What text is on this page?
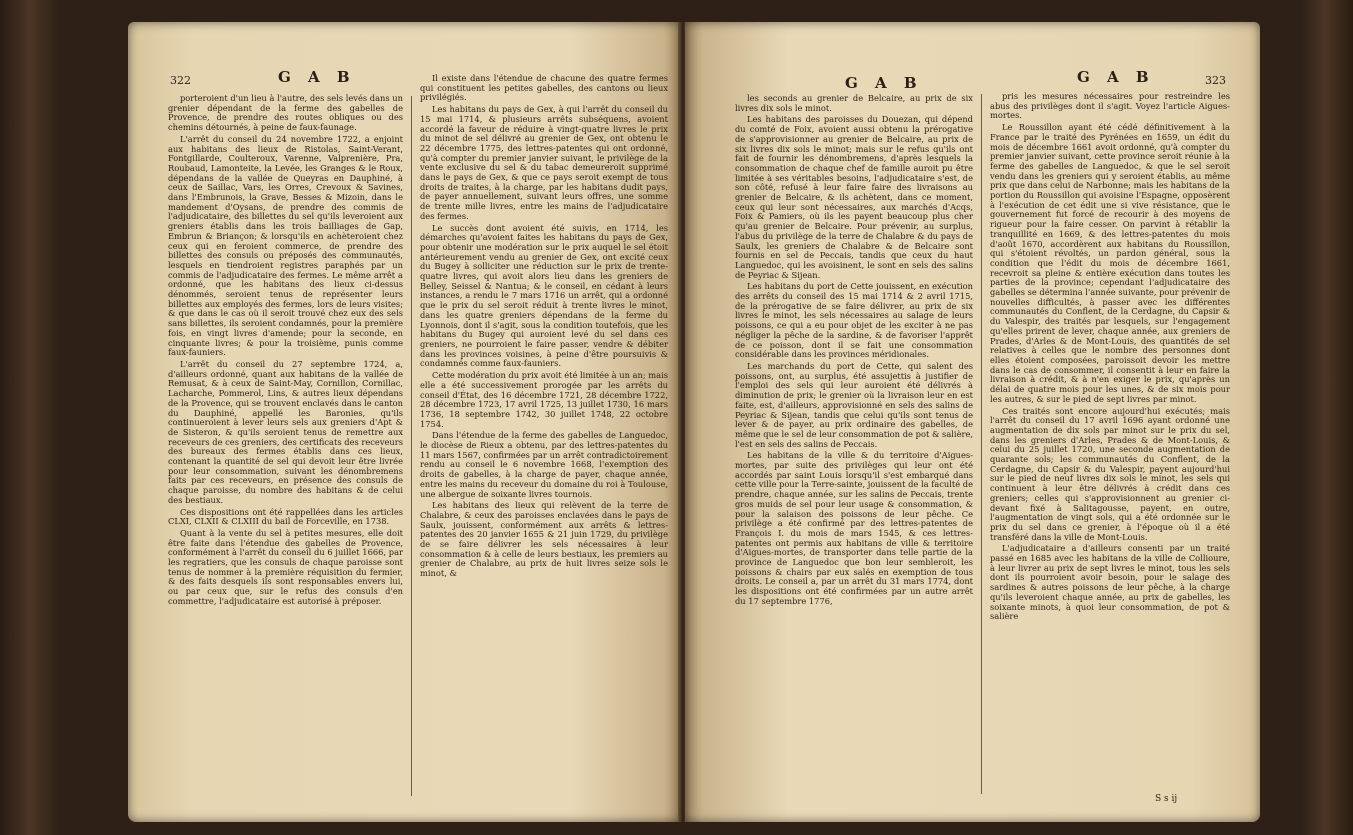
322	G A B

porteroient d'un lieu à l'autre, des sels levés dans un grenier dépendant de la ferme des gabelles de Provence, de prendre des routes obliques ou des chemins détournés, à peine de faux-faunage.

L'arrêt du conseil du 24 novembre 1722, a enjoint aux habitans des lieux de Ristolas, Saint-Verant, Fontgillarde, Coulteroux, Varenne, Valprenière, Pra, Roubaud, Lamonteite, la Levée, les Granges & le Roux, dépendans de la vallée de Queyras en Dauphiné, à ceux de Saillac, Vars, les Orres, Crevoux & Savines, dans l'Embrunois, la Grave, Besses & Mizoin, dans le mandement d'Oysans, de prendre des commis de l'adjudicataire, des billettes du sel qu'ils leveroient aux greniers établis dans les trois bailliages de Gap, Embrun & Briançon; & lorsqu'ils en achèteroient chez ceux qui en feroient commerce, de prendre des billettes des consuls ou préposés des communautés, lesquels en tiendroient registres paraphés par un commis de l'adjudicataire des fermes. Le même arrêt a ordonné, que les habitans des lieux ci-dessus dénommés, seroient tenus de représenter leurs billettes aux employés des fermes, lors de leurs visites; & que dans le cas où il seroit trouvé chez eux des sels sans billettes, ils seroient condamnés, pour la première fois, en vingt livres d'amende; pour la seconde, en cinquante livres; & pour la troisième, punis comme faux-fauniers.

L'arrêt du conseil du 27 septembre 1724, a, d'ailleurs ordonné, quant aux habitans de la vallée de Remusat, & à ceux de Saint-May, Cornillon, Cornillac, Lacharche, Pommerol, Lins, & autres lieux dépendans de la Provence, qui se trouvent enclavés dans le canton du Dauphiné, appellé les Baronies, qu'ils continueroient à lever leurs sels aux greniers d'Apt & de Sisteron, & qu'ils seroient tenus de remettre aux receveurs de ces greniers, des certificats des receveurs des bureaux des fermes établis dans ces lieux, contenant la quantité de sel qui devoit leur être livrée pour leur consommation, suivant les dénombremens faits par ces receveurs, en présence des consuls de chaque paroisse, du nombre des habitans & de celui des bestiaux.

Ces dispositions ont été rappellées dans les articles CLXI, CLXII & CLXIII du bail de Forceville, en 1738.

Quant à la vente du sel à petites mesures, elle doit être faite dans l'étendue des gabelles de Provence, conformément à l'arrêt du conseil du 6 juillet 1666, par les regratiers, que les consuls de chaque paroisse sont tenus de nommer à la première réquisition du fermier, & des faits desquels ils sont responsables envers lui, ou par ceux que, sur le refus des consuls d'en commettre, l'adjudicataire est autorisé à préposer.

Il existe dans l'étendue de chacune des quatre fermes qui constituent les petites gabelles, des cantons ou lieux privilégiés.

Les habitans du pays de Gex, à qui l'arrêt du conseil du 15 mai 1714, & plusieurs arrêts subséquens, avoient accordé la faveur de réduire à vingt-quatre livres le prix du minot de sel délivré au grenier de Gex, ont obtenu le 22 décembre 1775, des lettres-patentes qui ont ordonné, qu'à compter du premier janvier suivant, le privilège de la vente exclusive du sel & du tabac demeureroit supprimé dans le pays de Gex, & que ce pays seroit exempt de tous droits de traites, à la charge, par les habitans dudit pays, de payer annuellement, suivant leurs offres, une somme de trente mille livres, entre les mains de l'adjudicataire des fermes.

Le succès dont avoient été suivis, en 1714, les démarches qu'avoient faites les habitans du pays de Gex, pour obtenir une modération sur le prix auquel le sel étoit antérieurement vendu au grenier de Gex, ont excité ceux du Bugey à solliciter une réduction sur le prix de trente-quatre livres, qui avoit alors lieu dans les greniers de Belley, Seissel & Nantua; & le conseil, en cédant à leurs instances, a rendu le 7 mars 1716 un arrêt, qui a ordonné que le prix du sel seroit réduit à trente livres le minot, dans les quatre greniers dépendans de la ferme du Lyonnois, dont il s'agit, sous la condition toutefois, que les habitans du Bugey qui auroient levé du sel dans ces greniers, ne pourroient le faire passer, vendre & débiter dans les provinces voisines, à peine d'être poursuivis & condamnés comme faux-fauniers.

Cette modération du prix avoit été limitée à un an; mais elle a été successivement prorogée par les arrêts du conseil d'État, des 16 décembre 1721, 28 décembre 1722, 28 décembre 1723, 17 avril 1725, 13 juillet 1730, 16 mars 1736, 18 septembre 1742, 30 juillet 1748, 22 octobre 1754.

Dans l'étendue de la ferme des gabelles de Languedoc, le diocèse de Rieux a obtenu, par des lettres-patentes du 11 mars 1567, confirmées par un arrêt contradictoirement rendu au conseil le 6 novembre 1668, l'exemption des droits de gabelles, à la charge de payer, chaque année, entre les mains du receveur du domaine du roi à Toulouse, une albergue de soixante livres tournois.

Les habitans des lieux qui relèvent de la terre de Chalabre, & ceux des paroisses enclavées dans le pays de Saulx, jouissent, conformément aux arrêts & lettres-patentes des 20 janvier 1655 & 21 juin 1729, du privilège de se faire délivrer les sels nécessaires à leur consommation & à celle de leurs bestiaux, les premiers au grenier de Chalabre, au prix de huit livres seize sols le minot, &

G A B	G A B	323

les seconds au grenier de Belcaire, au prix de six livres dix sols le minot.

Les habitans des paroisses du Douezan, qui dépend du comté de Foix, avoient aussi obtenu la prérogative de s'approvisionner au grenier de Belcaire, au prix de six livres dix sols le minot; mais sur le refus qu'ils ont fait de fournir les dénombremens, d'après lesquels la consommation de chaque chef de famille auroit pu être limitée à ses véritables besoins, l'adjudicataire s'est, de son côté, refusé à leur faire faire des livraisons au grenier de Belcaire, & ils achètent, dans ce moment, ceux qui leur sont nécessaires, aux marchés d'Acqs, Foix & Pamiers, où ils les payent beaucoup plus cher qu'au grenier de Belcaire. Pour prévenir, au surplus, l'abus du privilège de la terre de Chalabre & du pays de Saulx, les greniers de Chalabre & de Belcaire sont fournis en sel de Peccais, tandis que ceux du haut Languedoc, qui les avoisinent, le sont en sels des salins de Peyriac & Sijean.

Les habitans du port de Cette jouissent, en exécution des arrêts du conseil des 15 mai 1714 & 2 avril 1715, de la prérogative de se faire délivrer, au prix de six livres le minot, les sels nécessaires au salage de leurs poissons, ce qui a eu pour objet de les exciter à ne pas négliger la pêche de la sardine, & de favoriser l'apprêt de ce poisson, dont il se fait une consommation considérable dans les provinces méridionales.

Les marchands du port de Cette, qui salent des poissons, ont, au surplus, été assujettis à justifier de l'emploi des sels qui leur auroient été délivrés à diminution de prix; le grenier où la livraison leur en est faite, est, d'ailleurs, approvisionné en sels des salins de Peyriac & Sijean, tandis que celui qu'ils sont tenus de lever & de payer, au prix ordinaire des gabelles, de même que le sel de leur consommation de pot & salière, l'est en sels des salins de Peccais.

Les habitans de la ville & du territoire d'Aigues-mortes, par suite des privilèges qui leur ont été accordés par saint Louis lorsqu'il s'est embarqué dans cette ville pour la Terre-sainte, jouissent de la faculté de prendre, chaque année, sur les salins de Peccais, trente gros muids de sel pour leur usage & consommation, & pour la salaison des poissons de leur pêche. Ce privilège a été confirmé par des lettres-patentes de François I. du mois de mars 1545, & ces lettres-patentes ont permis aux habitans de ville & territoire d'Aigues-mortes, de transporter dans telle partie de la province de Languedoc que bon leur sembleroit, les poissons & chairs par eux salés en exemption de tous droits. Le conseil a, par un arrêt du 31 mars 1774, dont les dispositions ont été confirmées par un autre arrêt du 17 septembre 1776,

pris les mesures nécessaires pour restreindre les abus des privilèges dont il s'agit. Voyez l'article Aigues-mortes.

Le Roussillon ayant été cédé définitivement à la France par le traité des Pyrénées en 1659, un édit du mois de décembre 1661 avoit ordonné, qu'à compter du premier janvier suivant, cette province seroit réunie à la ferme des gabelles de Languedoc, & que le sel seroit vendu dans les greniers qui y seroient établis, au même prix que dans celui de Narbonne; mais les habitans de la portion du Roussillon qui avoisine l'Espagne, opposèrent à l'exécution de cet édit une si vive résistance, que le gouvernement fut forcé de recourir à des moyens de rigueur pour la faire cesser. On parvint à rétablir la tranquillité en 1669, & des lettres-patentes du mois d'août 1670, accordèrent aux habitans du Roussillon, qui s'étoient révoltés, un pardon général, sous la condition que l'édit du mois de décembre 1661, recevroit sa pleine & entière exécution dans toutes les parties de la province; cependant l'adjudicataire des gabelles se détermina l'année suivante, pour prévenir de nouvelles difficultés, à passer avec les différentes communautés du Conflent, de la Cerdagne, du Capsir & du Valespir, des traités par lesquels, sur l'engagement qu'elles prirent de lever, chaque année, aux greniers de Prades, d'Arles & de Mont-Louis, des quantités de sel relatives à celles que le nombre des personnes dont elles étoient composées, paroissoit devoir les mettre dans le cas de consommer, il consentit à leur en faire la livraison à crédit, & à n'en exiger le prix, qu'après un délai de quatre mois pour les unes, & de six mois pour les autres, & sur le pied de sept livres par minot.

Ces traités sont encore aujourd'hui exécutés; mais l'arrêt du conseil du 17 avril 1696 ayant ordonné une augmentation de dix sols par minot sur le prix du sel, dans les greniers d'Arles, Prades & de Mont-Louis, & celui du 25 juillet 1720, une seconde augmentation de quarante sols; les communautés du Conflent, de la Cerdagne, du Capsir & du Valespir, payent aujourd'hui sur le pied de neuf livres dix sols le minot, les sels qui continuent à leur être délivrés à crédit dans ces greniers; celles qui s'approvisionnent au grenier ci-devant fixé à Salitagousse, payent, en outre, l'augmentation de vingt sols, qui a été ordonnée sur le prix du sel dans ce grenier, à l'époque où il a été transféré dans la ville de Mont-Louis.

L'adjudicataire a d'ailleurs consenti par un traité passé en 1685 avec les habitans de la ville de Collioure, à leur livrer au prix de sept livres le minot, tous les sels dont ils pourroient avoir besoin, pour le salage des sardines & autres poissons de leur pêche, à la charge qu'ils leveroient chaque année, au prix de gabelles, les soixante minots, à quoi leur consommation, de pot & salière

S s ij
